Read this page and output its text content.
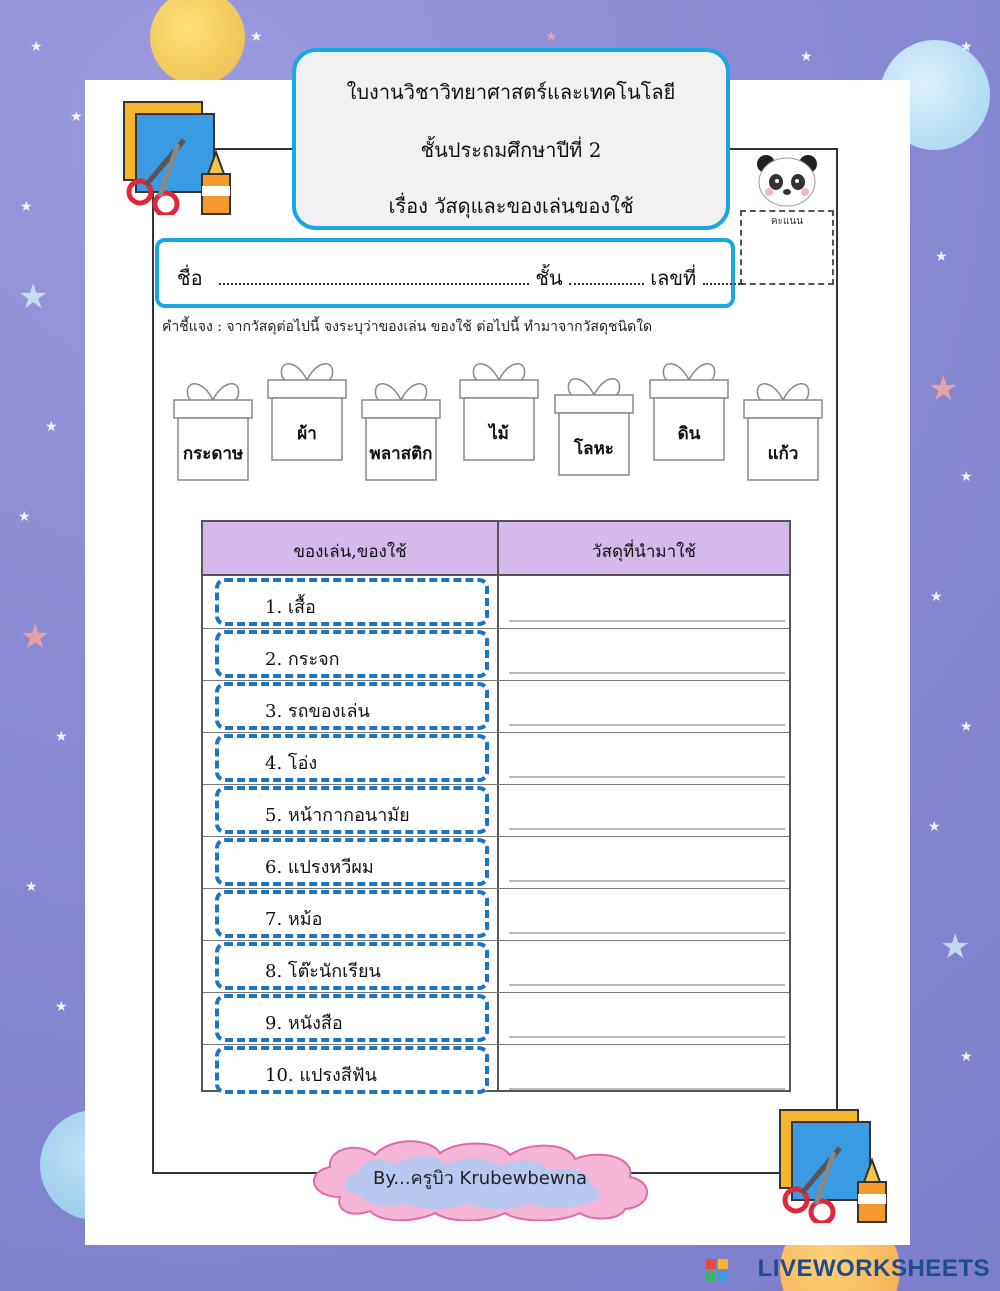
★
★
★
★
★
★
★
★
★
★
★
★
★
★
★
★
★
★
★
★	★
★
ใบงานวิชาวิทยาศาสตร์และเทคโนโลยี
ชั้นประถมศึกษาปีที่ 2
เรื่อง วัสดุและของเล่นของใช้
คะแนน
ชื่อ	ชั้น	เลขที่
คำชี้แจง : จากวัสดุต่อไปนี้ จงระบุว่าของเล่น ของใช้ ต่อไปนี้ ทำมาจากวัสดุชนิดใด
กระดาษ
ผ้า
พลาสติก
ไม้
โลหะ
ดิน
แก้ว
ของเล่น,ของใช้	วัสดุที่นำมาใช้
1. เสื้อ
2. กระจก
3. รถของเล่น
4. โอ่ง
5. หน้ากากอนามัย
6. แปรงหวีผม
7. หม้อ
8. โต๊ะนักเรียน
9. หนังสือ
10. แปรงสีฟัน
By...ครูบิว Krubewbewna
LIVEWORKSHEETS
